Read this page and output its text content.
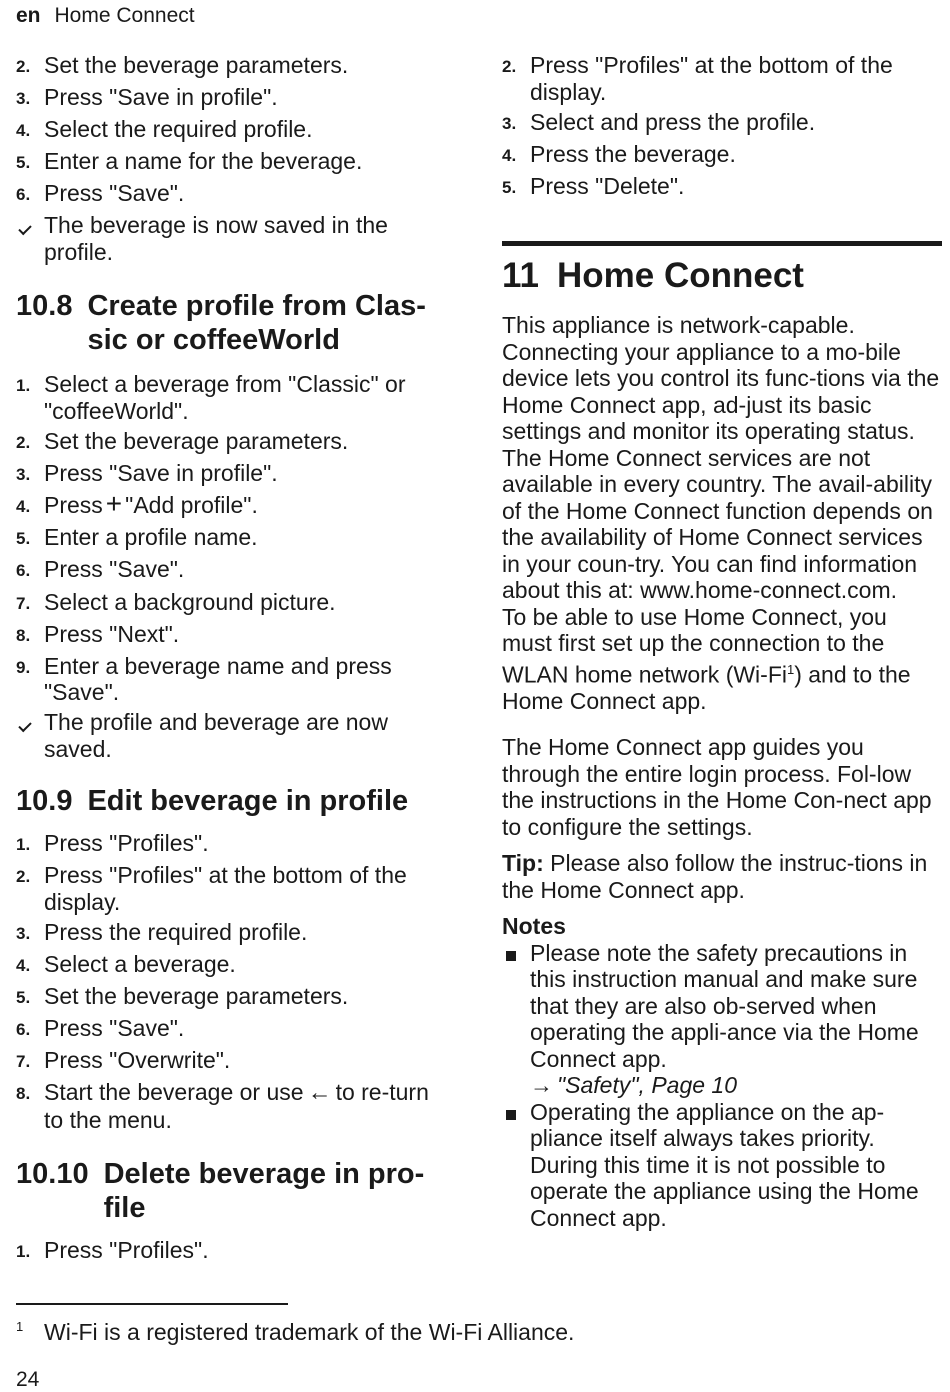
en Home Connect
2. Set the beverage parameters.
3. Press "Save in profile".
4. Select the required profile.
5. Enter a name for the beverage.
6. Press "Save".
The beverage is now saved in the profile.
10.8 Create profile from Clas-sic or coffeeWorld
1. Select a beverage from "Classic" or "coffeeWorld".
2. Set the beverage parameters.
3. Press "Save in profile".
4. Press + "Add profile".
5. Enter a profile name.
6. Press "Save".
7. Select a background picture.
8. Press "Next".
9. Enter a beverage name and press "Save".
The profile and beverage are now saved.
10.9 Edit beverage in profile
1. Press "Profiles".
2. Press "Profiles" at the bottom of the display.
3. Press the required profile.
4. Select a beverage.
5. Set the beverage parameters.
6. Press "Save".
7. Press "Overwrite".
8. Start the beverage or use ← to re-turn to the menu.
10.10 Delete beverage in pro-file
1. Press "Profiles".
2. Press "Profiles" at the bottom of the display.
3. Select and press the profile.
4. Press the beverage.
5. Press "Delete".
11 Home Connect

This appliance is network-capable. Connecting your appliance to a mo-bile device lets you control its func-tions via the Home Connect app, ad-just its basic settings and monitor its operating status.

The Home Connect services are not available in every country. The avail-ability of the Home Connect function depends on the availability of Home Connect services in your coun-try. You can find information about this at: www.home-connect.com.

To be able to use Home Connect, you must first set up the connection to the WLAN home network (Wi-Fi$^1$) and to the Home Connect app.

The Home Connect app guides you through the entire login process. Fol-low the instructions in the Home Con-nect app to configure the settings.

Tip: Please also follow the instruc-tions in the Home Connect app.

Notes
Please note the safety precautions in this instruction manual and make sure that they are also ob-served when operating the appli-ance via the Home Connect app.
→ "Safety", Page 10
Operating the appliance on the ap-pliance itself always takes priority. During this time it is not possible to operate the appliance using the Home Connect app.
1 Wi-Fi is a registered trademark of the Wi-Fi Alliance.
24
